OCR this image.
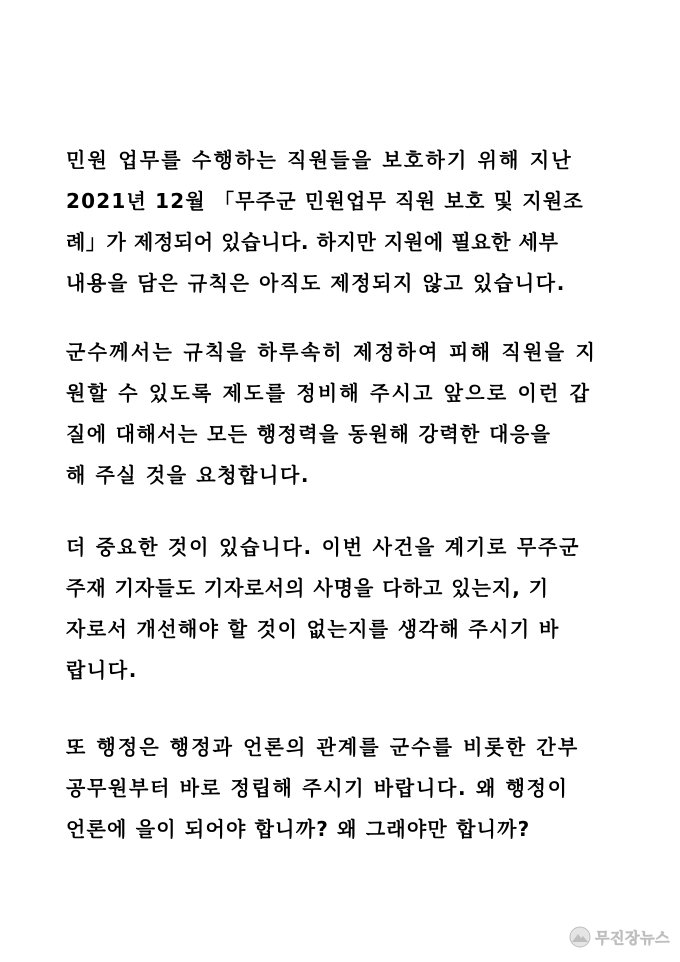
민원 업무를 수행하는 직원들을 보호하기 위해 지난
2021년 12월 「무주군 민원업무 직원 보호 및 지원조
례」가 제정되어 있습니다. 하지만 지원에 필요한 세부
내용을 담은 규칙은 아직도 제정되지 않고 있습니다.
군수께서는 규칙을 하루속히 제정하여 피해 직원을 지
원할 수 있도록 제도를 정비해 주시고 앞으로 이런 갑
질에 대해서는 모든 행정력을 동원해 강력한 대응을
해 주실 것을 요청합니다.
더 중요한 것이 있습니다. 이번 사건을 계기로 무주군
주재 기자들도 기자로서의 사명을 다하고 있는지, 기
자로서 개선해야 할 것이 없는지를 생각해 주시기 바
랍니다.
또 행정은 행정과 언론의 관계를 군수를 비롯한 간부
공무원부터 바로 정립해 주시기 바랍니다. 왜 행정이
언론에 을이 되어야 합니까? 왜 그래야만 합니까?
무진장뉴스
